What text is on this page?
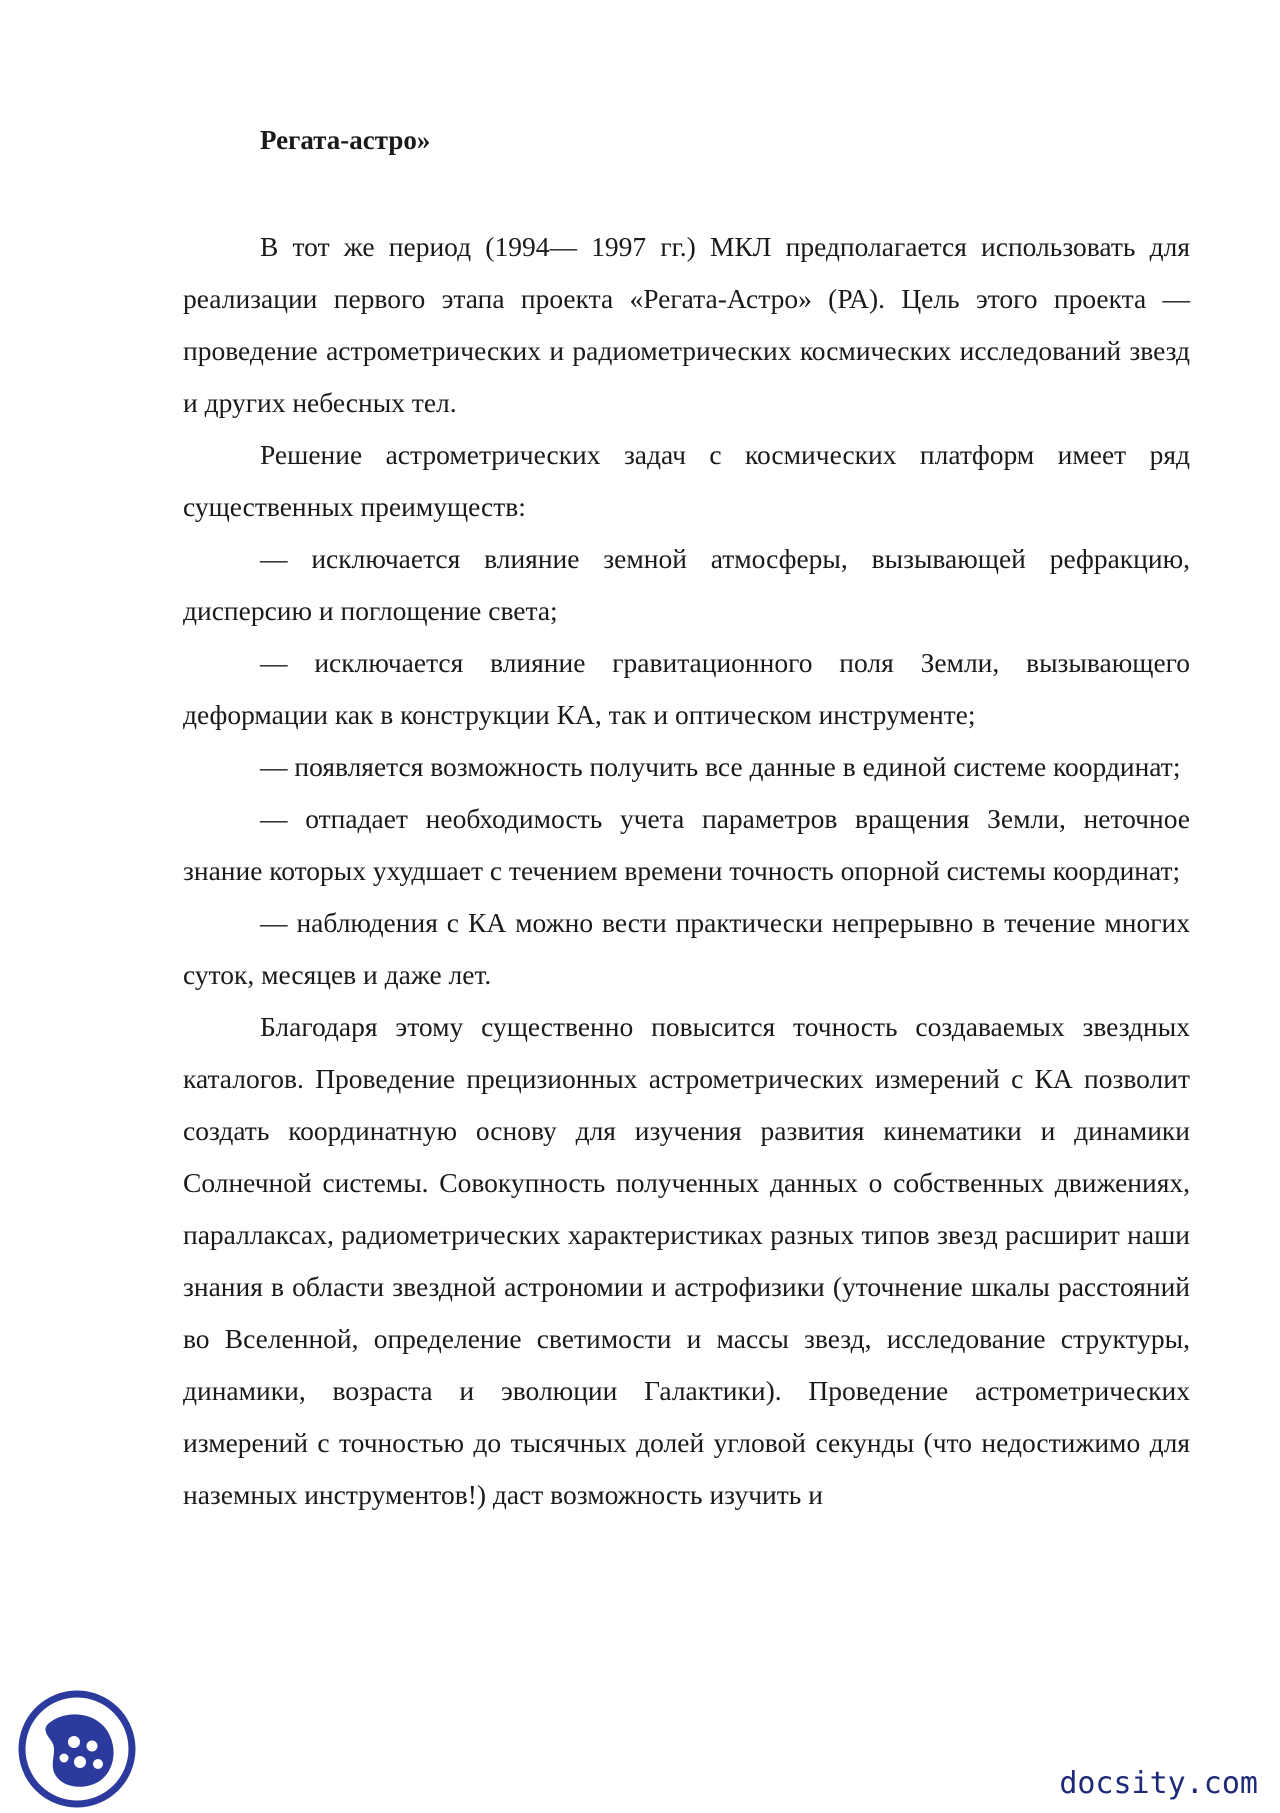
Регата-астро»

В тот же период (1994— 1997 гг.) МКЛ предполагается использовать для реализации первого этапа проекта «Регата-Астро» (РА). Цель этого проекта — проведение астрометрических и радиометрических космических исследований звезд и других небесных тел.

Решение астрометрических задач с космических платформ имеет ряд существенных преимуществ:

— исключается влияние земной атмосферы, вызывающей рефракцию, дисперсию и поглощение света;

— исключается влияние гравитационного поля Земли, вызывающего деформации как в конструкции КА, так и оптическом инструменте;

— появляется возможность получить все данные в единой системе координат;

— отпадает необходимость учета параметров вращения Земли, неточное знание которых ухудшает с течением времени точность опорной системы координат;

— наблюдения с КА можно вести практически непрерывно в течение многих суток, месяцев и даже лет.

Благодаря этому существенно повысится точность создаваемых звездных каталогов. Проведение прецизионных астрометрических измерений с КА позволит создать координатную основу для изучения развития кинематики и динамики Солнечной системы. Совокупность полученных данных о собственных движениях, параллаксах, радиометрических характеристиках разных типов звезд расширит наши знания в области звездной астрономии и астрофизики (уточнение шкалы расстояний во Вселенной, определение светимости и массы звезд, исследование структуры, динамики, возраста и эволюции Галактики). Проведение астрометрических измерений с точностью до тысячных долей угловой секунды (что недостижимо для наземных инструментов!) даст возможность изучить и

docsity.com
